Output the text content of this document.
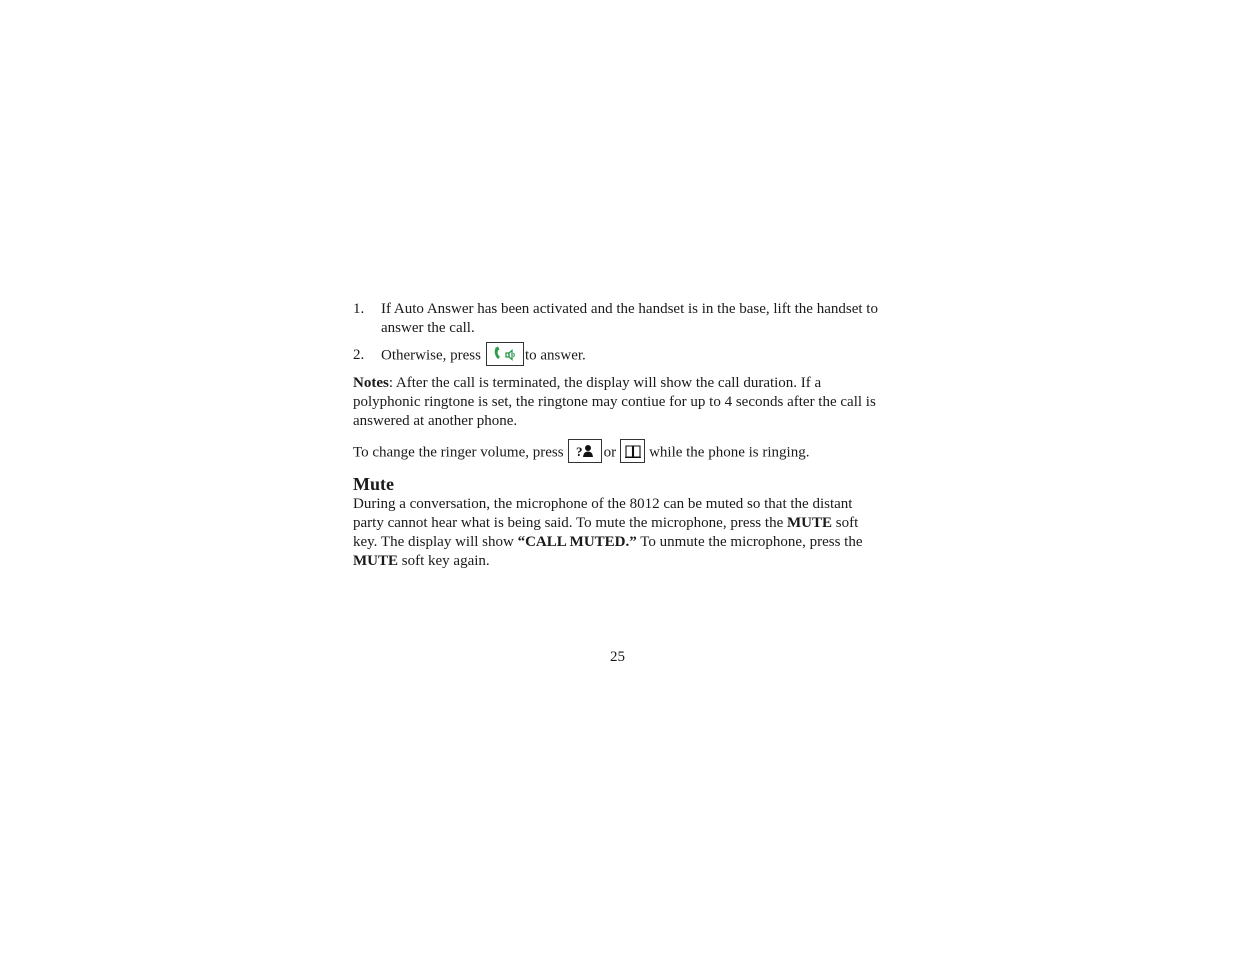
1. If Auto Answer has been activated and the handset is in the base, lift the handset to answer the call.
2. Otherwise, press	to answer.
Notes: After the call is terminated, the display will show the call duration. If a polyphonic ringtone is set, the ringtone may contiue for up to 4 seconds after the call is answered at another phone.
To change the ringer volume, press ? or while the phone is ringing.
Mute
During a conversation, the microphone of the 8012 can be muted so that the distant party cannot hear what is being said. To mute the microphone, press the MUTE soft key. The display will show “CALL MUTED.” To unmute the microphone, press the MUTE soft key again.
25
